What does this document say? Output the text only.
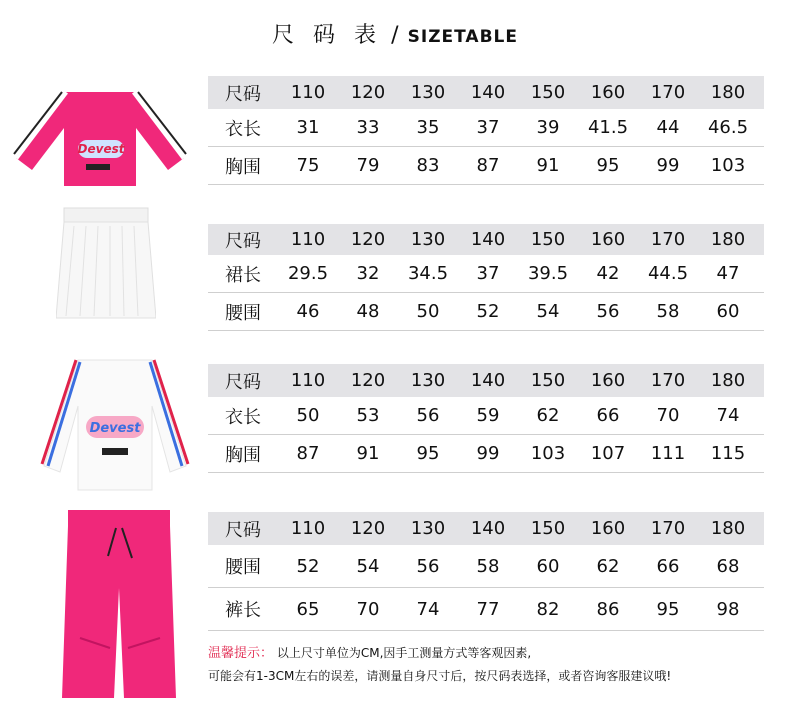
尺 码 表 / SIZETABLE
Devest
Devest
尺码	110	120	130	140	150	160	170	180
衣长	31	33	35	37	39	41.5	44	46.5
胸围	75	79	83	87	91	95	99	103
尺码	110	120	130	140	150	160	170	180
裙长	29.5	32	34.5	37	39.5	42	44.5	47
腰围	46	48	50	52	54	56	58	60
尺码	110	120	130	140	150	160	170	180
衣长	50	53	56	59	62	66	70	74
胸围	87	91	95	99	103	107	111	115
尺码	110	120	130	140	150	160	170	180
腰围	52	54	56	58	60	62	66	68
裤长	65	70	74	77	82	86	95	98
温馨提示： 以上尺寸单位为CM,因手工测量方式等客观因素,
可能会有1-3CM左右的误差，请测量自身尺寸后，按尺码表选择，或者咨询客服建议哦!
